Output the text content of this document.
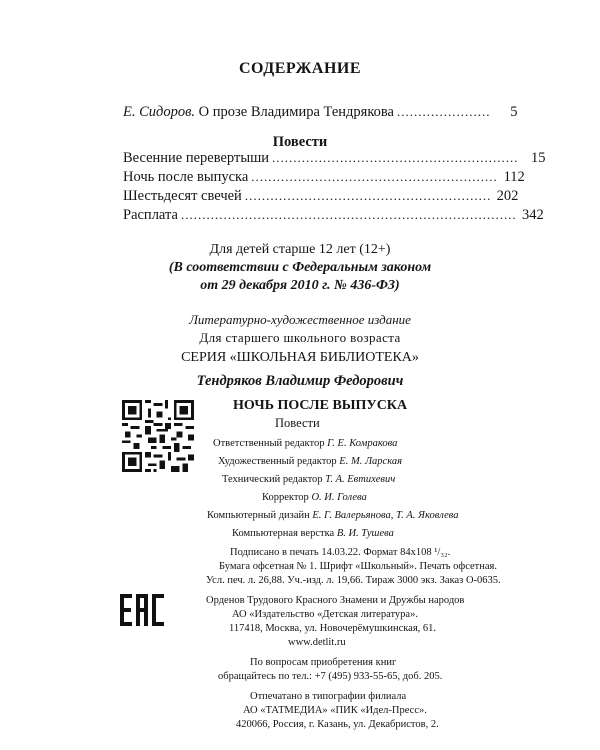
СОДЕРЖАНИЕ
Е. Сидоров. О прозе Владимира Тендрякова ......................	5
Повести
Весенние перевертыши .......................................................... 15
Ночь после выпуска .......................................................... 112
Шестьдесят свечей .......................................................... 202
Расплата ............................................................................... 342
Для детей старше 12 лет (12+)
(В соответствии с Федеральным законом
от 29 декабря 2010 г. № 436-ФЗ)
Литературно-художественное издание
Для старшего школьного возраста
СЕРИЯ «ШКОЛЬНАЯ БИБЛИОТЕКА»
Тендряков Владимир Федорович
НОЧЬ ПОСЛЕ ВЫПУСКА
Повести
Ответственный редактор Г. Е. Комракова
Художественный редактор Е. М. Ларская
Технический редактор Т. А. Евтихевич
Корректор О. И. Голева
Компьютерный дизайн Е. Г. Валерьянова, Т. А. Яковлева
Компьютерная верстка В. И. Тушева
Подписано в печать 14.03.22. Формат 84x108 ¹/₃₂.
Бумага офсетная № 1. Шрифт «Школьный». Печать офсетная.
Усл. печ. л. 26,88. Уч.-изд. л. 19,66. Тираж 3000 экз. Заказ О-0635.
Орденов Трудового Красного Знамени и Дружбы народов
АО «Издательство «Детская литература».
117418, Москва, ул. Новочерёмушкинская, 61.
www.detlit.ru
По вопросам приобретения книг
обращайтесь по тел.: +7 (495) 933-55-65, доб. 205.
Отпечатано в типографии филиала
АО «ТАТМЕДИА» «ПИК «Идел-Пресс».
420066, Россия, г. Казань, ул. Декабристов, 2.
